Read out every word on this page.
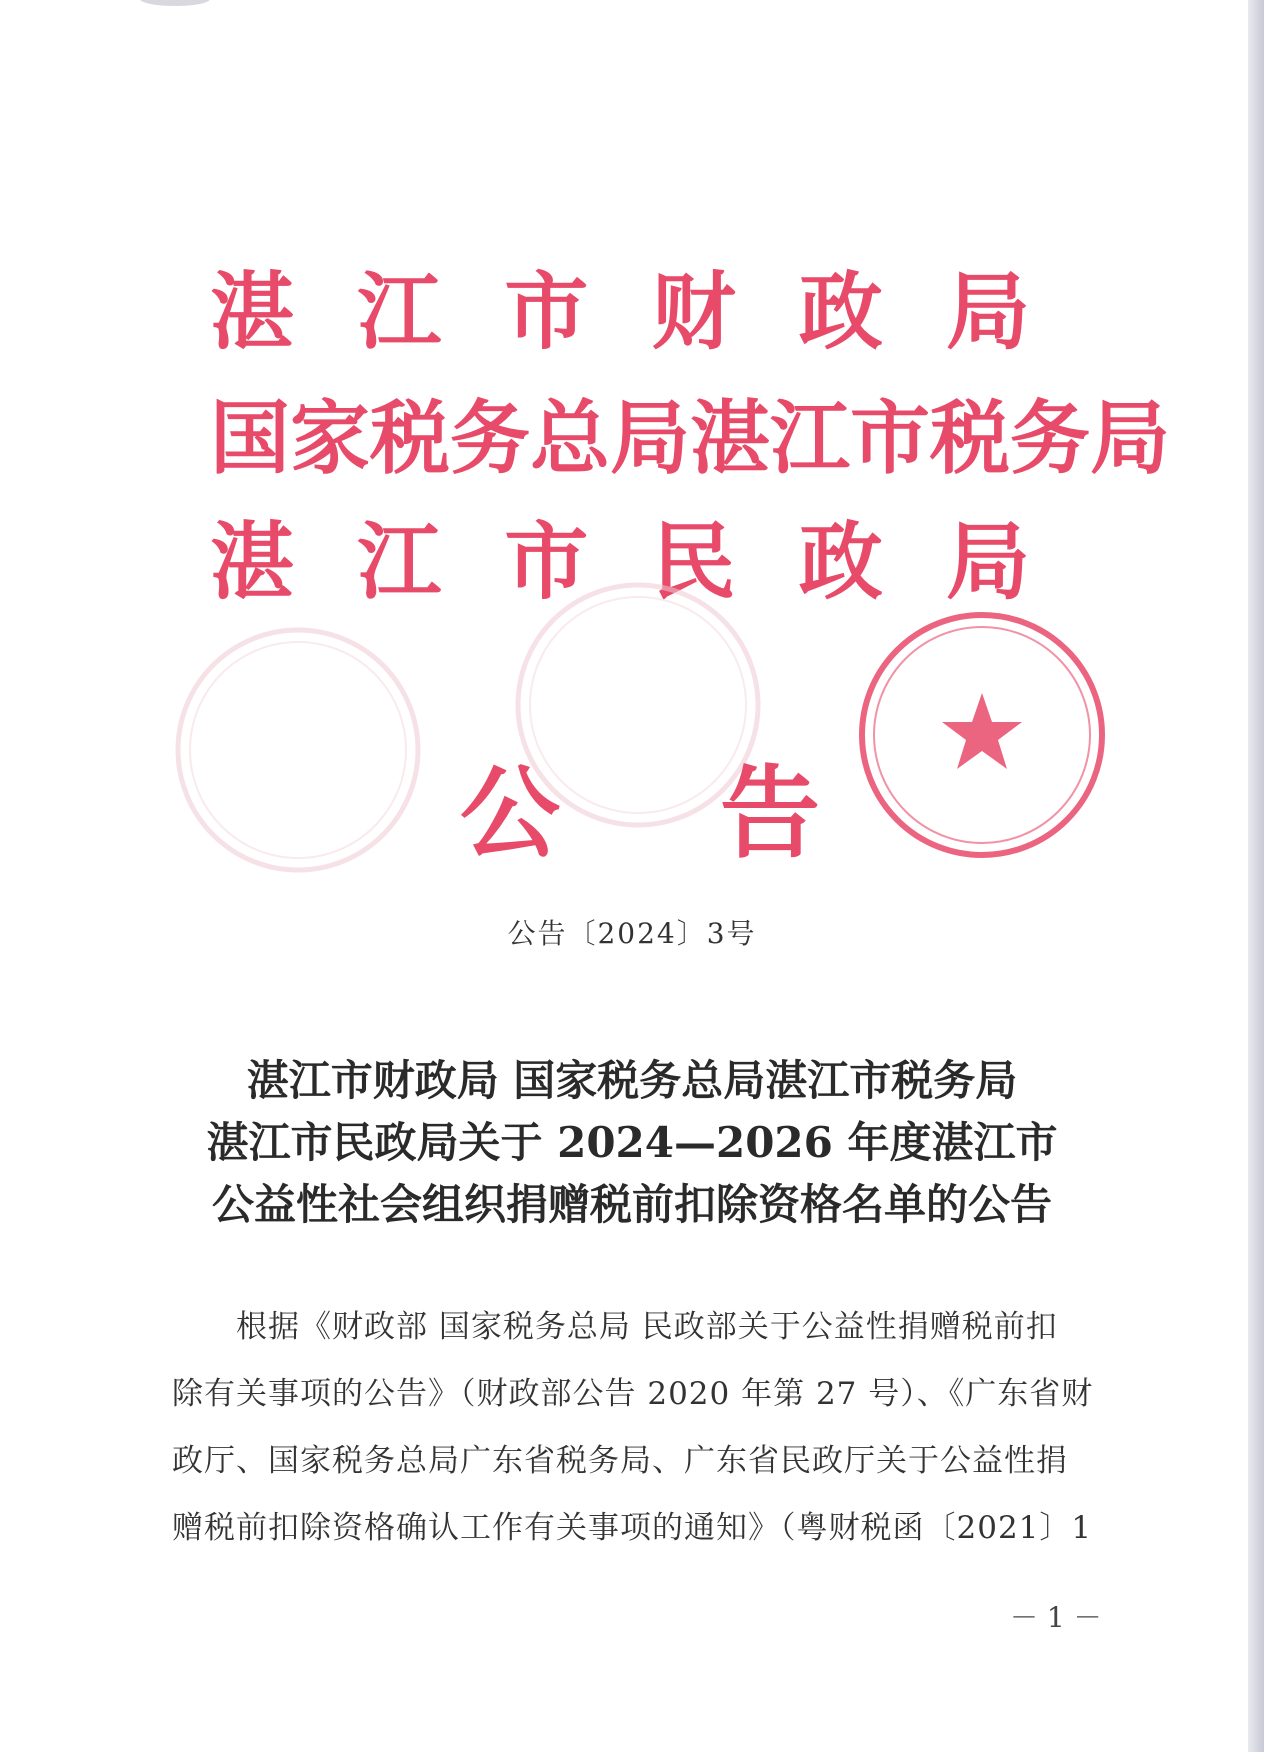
湛 江 市 财 政 局
国 家 税 务 总 局 湛 江 市 税 务 局
湛 江 市 民 政 局
公 告
公告〔2024〕3号
湛江市财政局 国家税务总局湛江市税务局
湛江市民政局关于 2024—2026 年度湛江市
公益性社会组织捐赠税前扣除资格名单的公告
　　根据《财政部 国家税务总局 民政部关于公益性捐赠税前扣
除有关事项的公告》（财政部公告 2020 年第 27 号）、《广东省财
政厅、国家税务总局广东省税务局、广东省民政厅关于公益性捐
赠税前扣除资格确认工作有关事项的通知》（粤财税函〔2021〕1
－ 1 －
